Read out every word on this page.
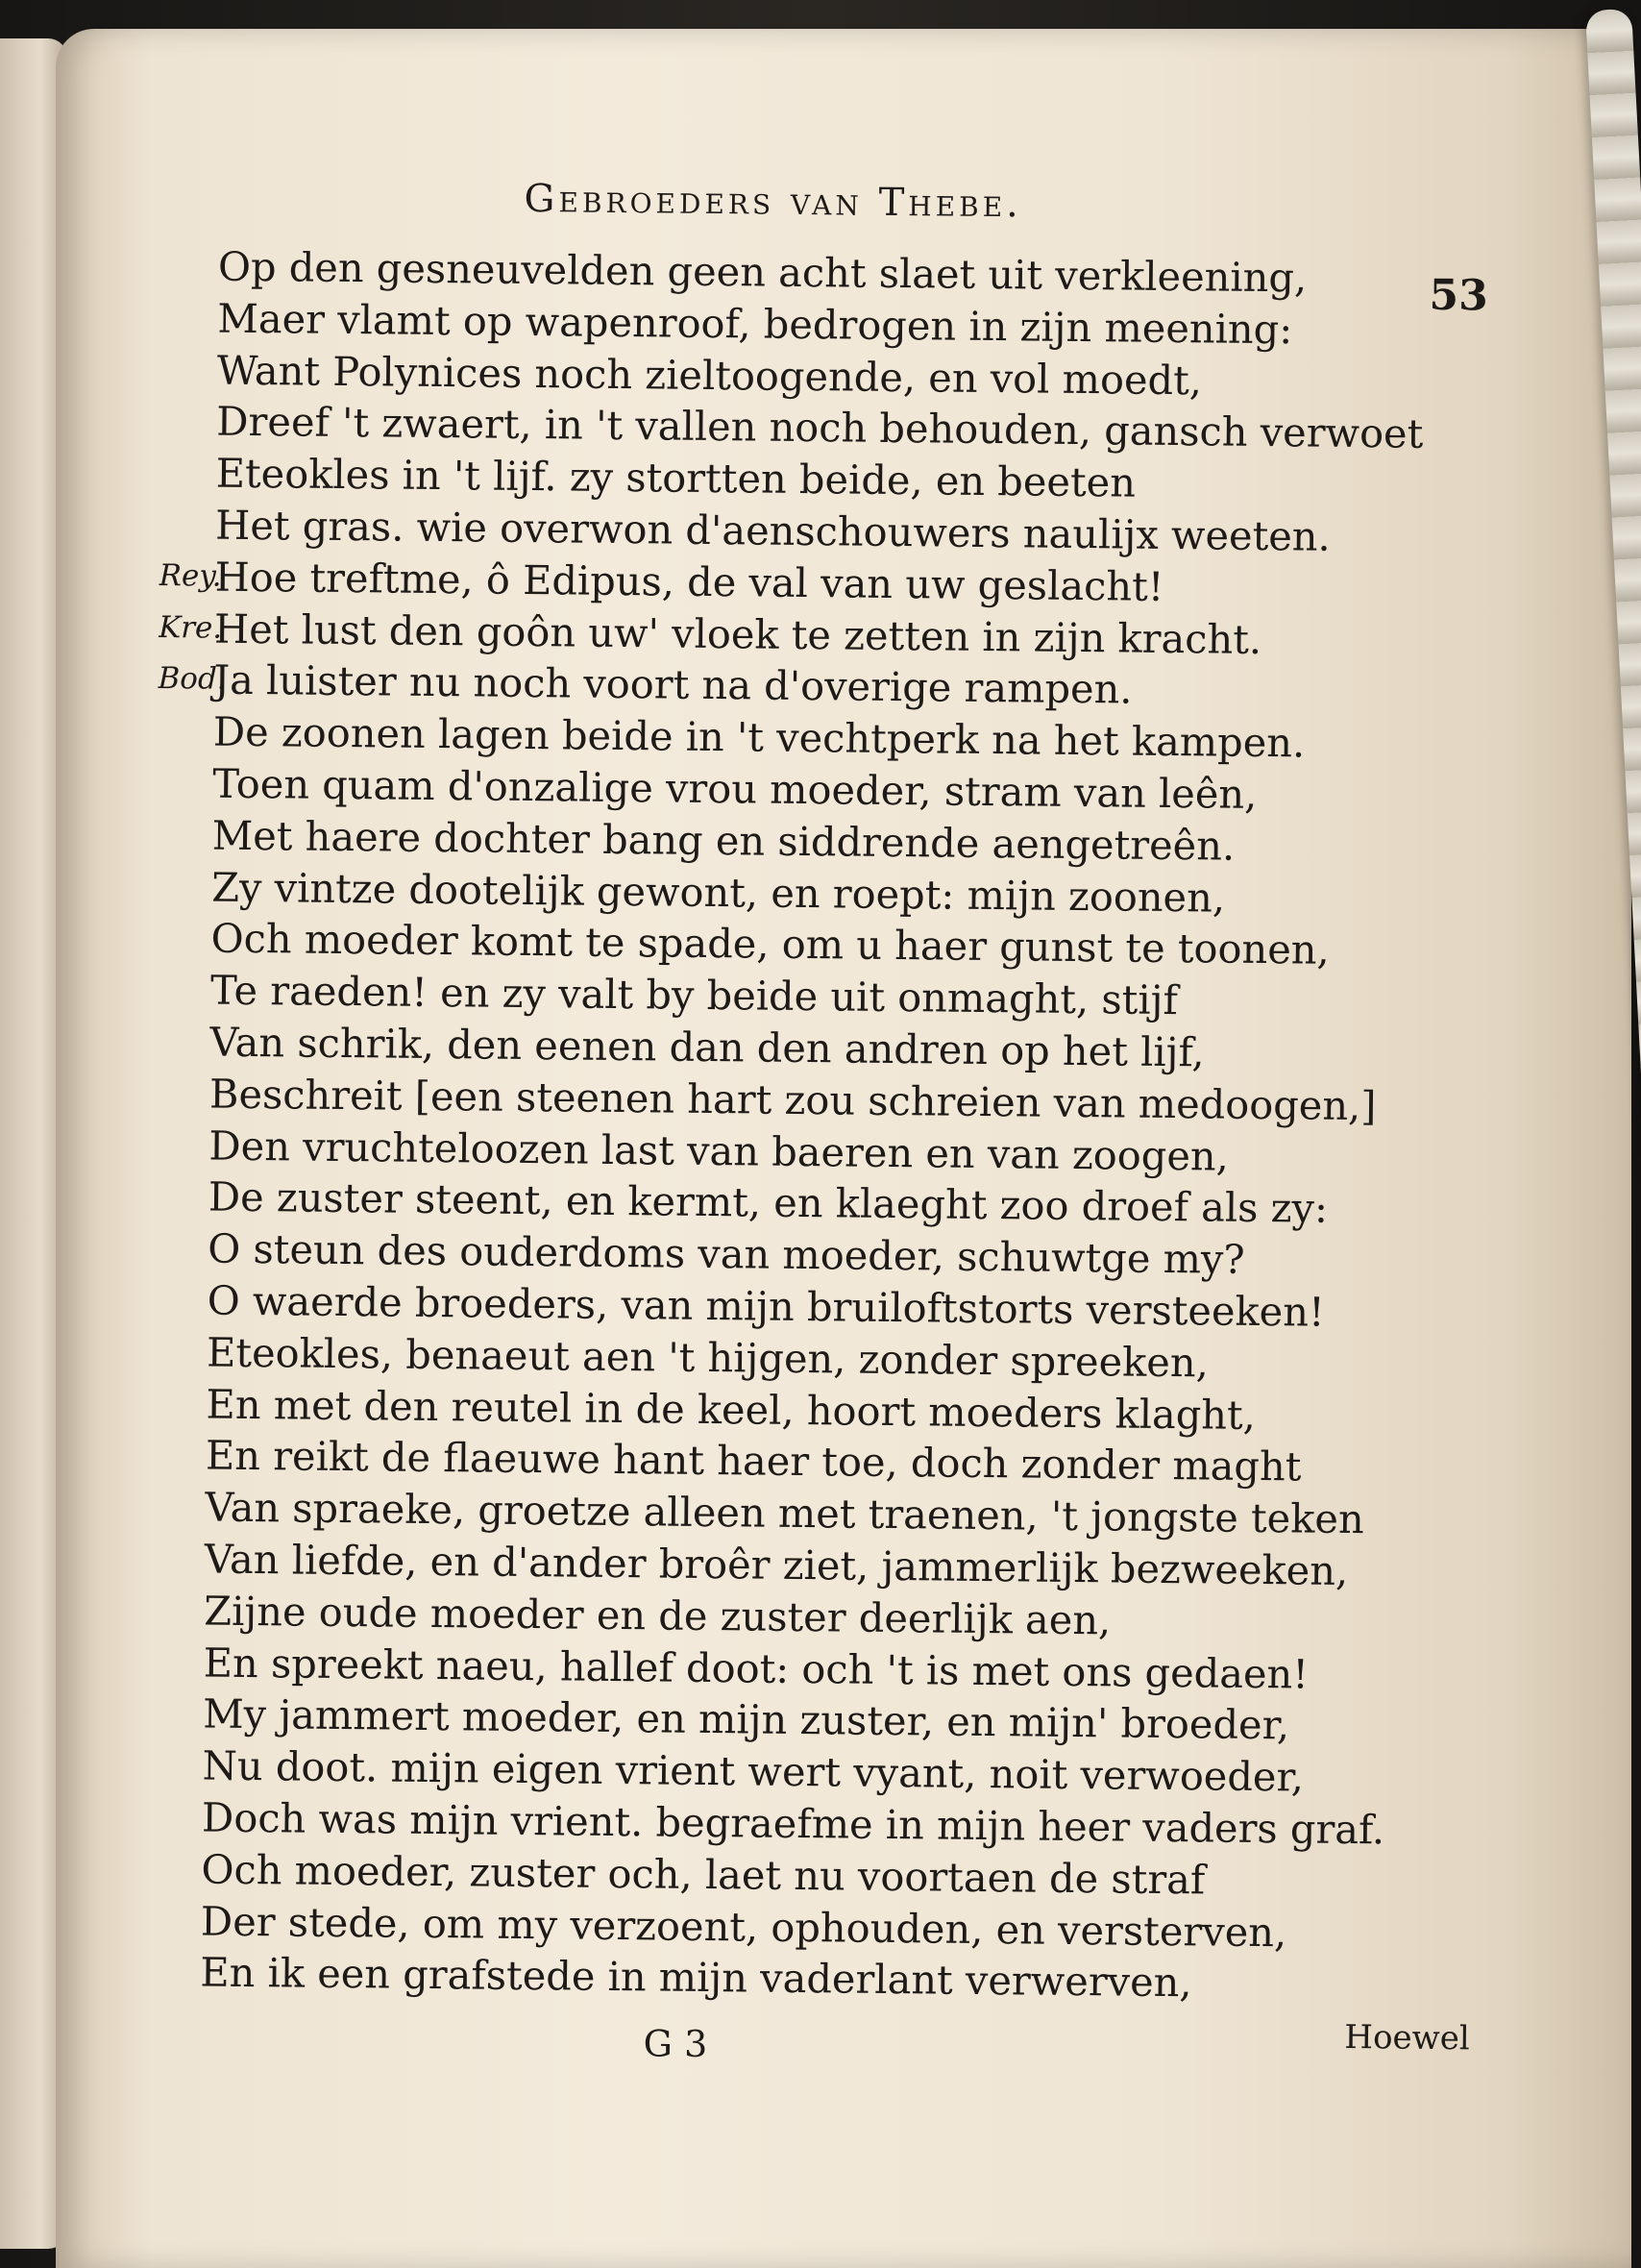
Gebroeders van Thebe.
53
Op den gesneuvelden geen acht slaet uit verkleening,
Maer vlamt op wapenroof, bedrogen in zijn meening:
Want Polynices noch zieltoogende, en vol moedt,
Dreef 't zwaert, in 't vallen noch behouden, gansch verwoet
Eteokles in 't lijf. zy stortten beide, en beeten
Het gras. wie overwon d'aenschouwers naulijx weeten.
Rey.
Hoe treftme, ô Edipus, de val van uw geslacht!
Kre.
Het lust den goôn uw' vloek te zetten in zijn kracht.
Bod.
Ja luister nu noch voort na d'overige rampen.
De zoonen lagen beide in 't vechtperk na het kampen.
Toen quam d'onzalige vrou moeder, stram van leên,
Met haere dochter bang en siddrende aengetreên.
Zy vintze dootelijk gewont, en roept: mijn zoonen,
Och moeder komt te spade, om u haer gunst te toonen,
Te raeden! en zy valt by beide uit onmaght, stijf
Van schrik, den eenen dan den andren op het lijf,
Beschreit [een steenen hart zou schreien van medoogen,]
Den vruchteloozen last van baeren en van zoogen,
De zuster steent, en kermt, en klaeght zoo droef als zy:
O steun des ouderdoms van moeder, schuwtge my?
O waerde broeders, van mijn bruiloftstorts versteeken!
Eteokles, benaeut aen 't hijgen, zonder spreeken,
En met den reutel in de keel, hoort moeders klaght,
En reikt de flaeuwe hant haer toe, doch zonder maght
Van spraeke, groetze alleen met traenen, 't jongste teken
Van liefde, en d'ander broêr ziet, jammerlijk bezweeken,
Zijne oude moeder en de zuster deerlijk aen,
En spreekt naeu, hallef doot: och 't is met ons gedaen!
My jammert moeder, en mijn zuster, en mijn' broeder,
Nu doot. mijn eigen vrient wert vyant, noit verwoeder,
Doch was mijn vrient. begraefme in mijn heer vaders graf.
Och moeder, zuster och, laet nu voortaen de straf
Der stede, om my verzoent, ophouden, en versterven,
En ik een grafstede in mijn vaderlant verwerven,
G 3	Hoewel
